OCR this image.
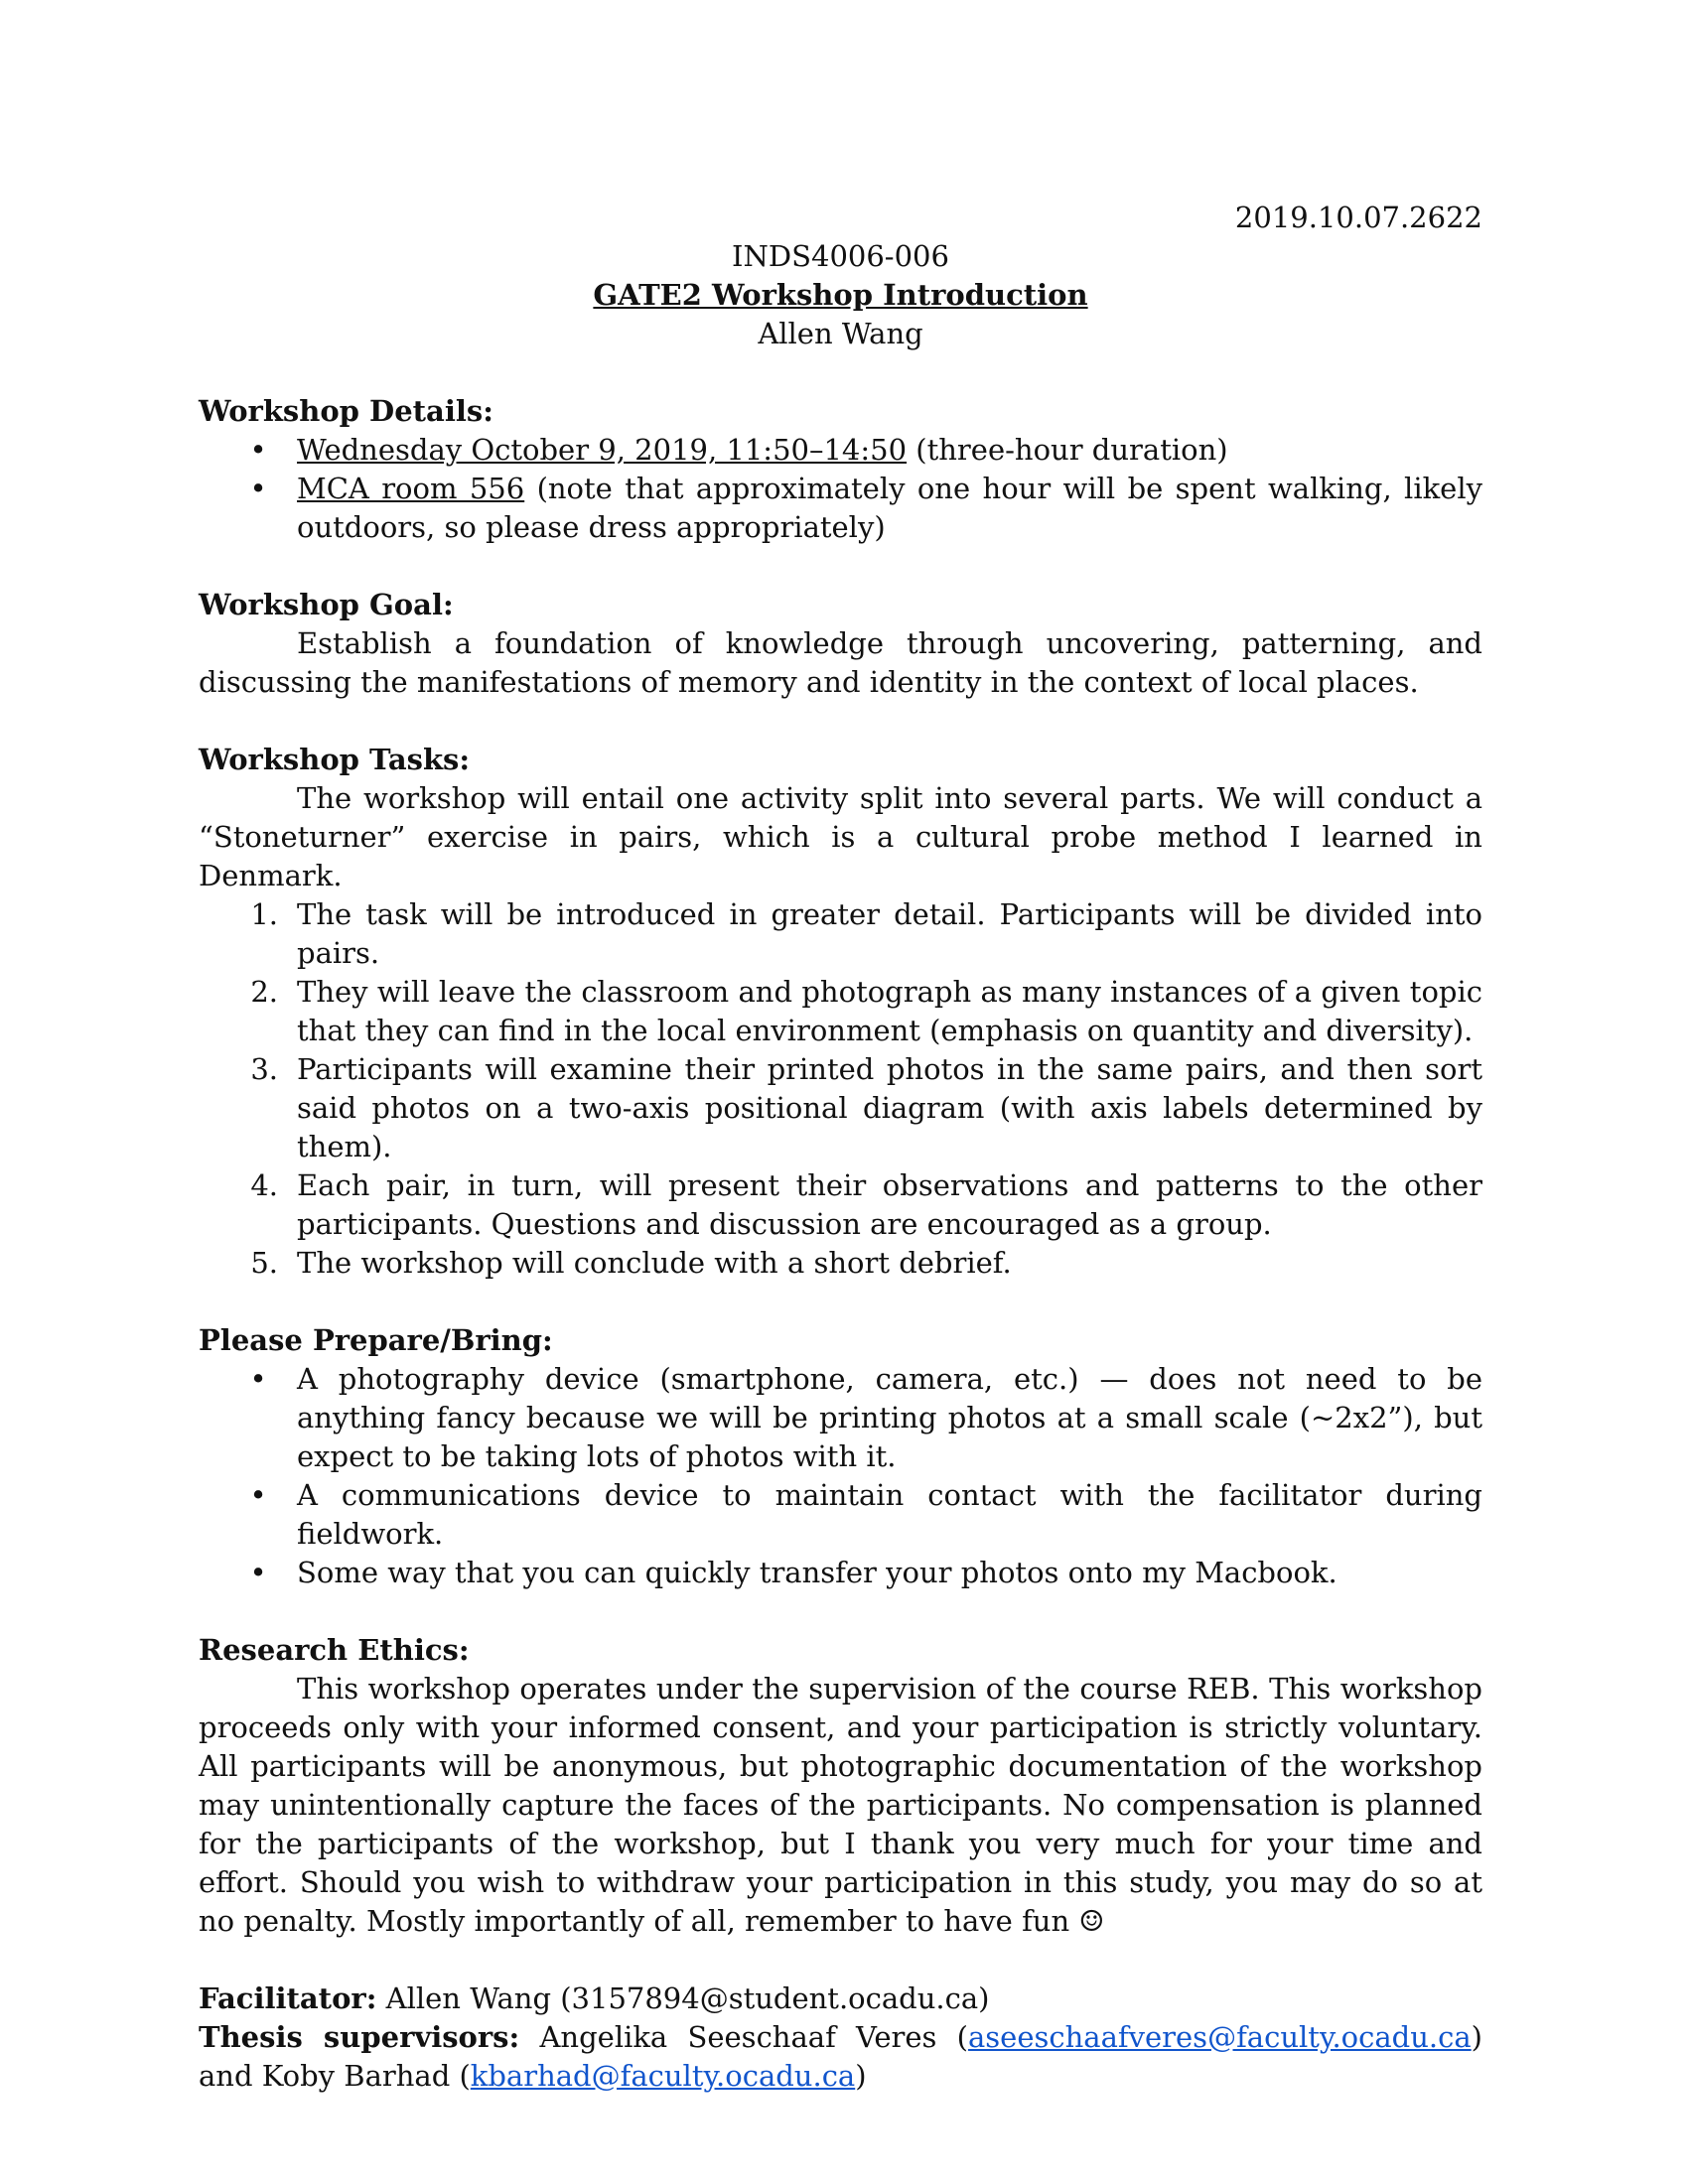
2019.10.07.2622

INDS4006-006

GATE2 Workshop Introduction

Allen Wang

Workshop Details:

• Wednesday October 9, 2019, 11:50–14:50 (three-hour duration)
• MCA room 556 (note that approximately one hour will be spent walking, likely outdoors, so please dress appropriately)

Workshop Goal:

Establish a foundation of knowledge through uncovering, patterning, and discussing the manifestations of memory and identity in the context of local places.

Workshop Tasks:

The workshop will entail one activity split into several parts. We will conduct a “Stoneturner” exercise in pairs, which is a cultural probe method I learned in Denmark.

1. The task will be introduced in greater detail. Participants will be divided into pairs.
2. They will leave the classroom and photograph as many instances of a given topic that they can find in the local environment (emphasis on quantity and diversity).
3. Participants will examine their printed photos in the same pairs, and then sort said photos on a two-axis positional diagram (with axis labels determined by them).
4. Each pair, in turn, will present their observations and patterns to the other participants. Questions and discussion are encouraged as a group.
5. The workshop will conclude with a short debrief.

Please Prepare/Bring:

• A photography device (smartphone, camera, etc.) — does not need to be anything fancy because we will be printing photos at a small scale (~2x2”), but expect to be taking lots of photos with it.
• A communications device to maintain contact with the facilitator during fieldwork.
• Some way that you can quickly transfer your photos onto my Macbook.

Research Ethics:

This workshop operates under the supervision of the course REB. This workshop proceeds only with your informed consent, and your participation is strictly voluntary. All participants will be anonymous, but photographic documentation of the workshop may unintentionally capture the faces of the participants. No compensation is planned for the participants of the workshop, but I thank you very much for your time and effort. Should you wish to withdraw your participation in this study, you may do so at no penalty. Mostly importantly of all, remember to have fun ☺

Facilitator: Allen Wang (3157894@student.ocadu.ca)

Thesis supervisors: Angelika Seeschaaf Veres (aseeschaafveres@faculty.ocadu.ca) and Koby Barhad (kbarhad@faculty.ocadu.ca)
